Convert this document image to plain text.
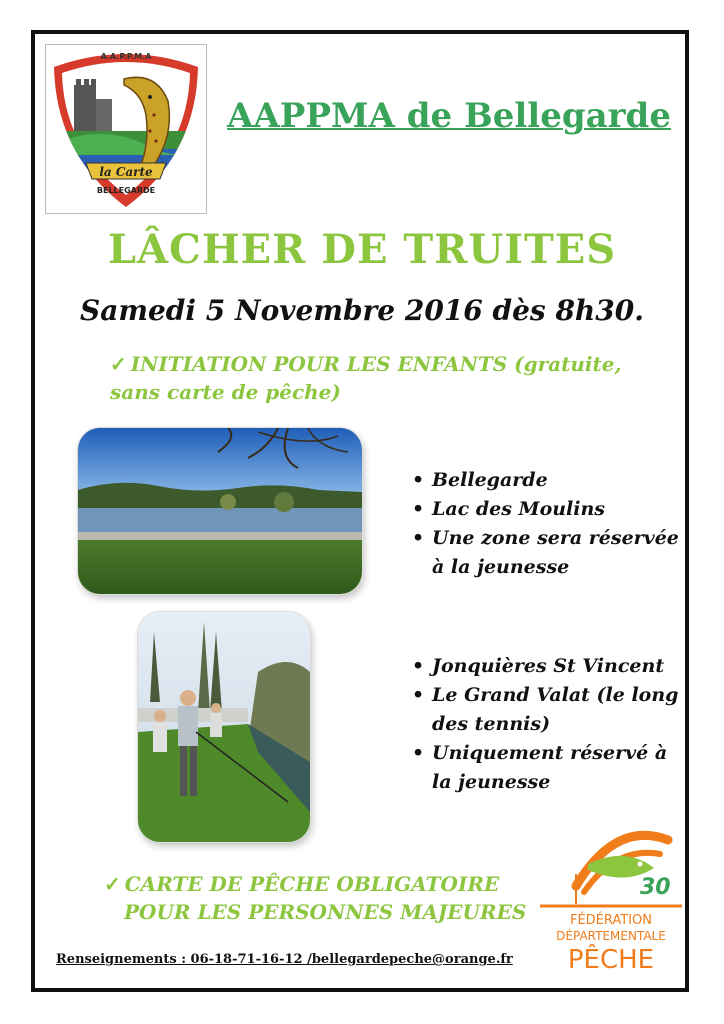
la Carte
BELLEGARDE
A.A.P.P.M.A
AAPPMA de Bellegarde
LÂCHER DE TRUITES
Samedi 5 Novembre 2016 dès 8h30.
✓ INITIATION POUR LES ENFANTS (gratuite, sans carte de pêche)
• Bellegarde
• Lac des Moulins
• Une zone sera réservée à la jeunesse
• Jonquières St Vincent
• Le Grand Valat (le long des tennis)
• Uniquement réservé à la jeunesse
✓ CARTE DE PÊCHE OBLIGATOIRE
POUR LES PERSONNES MAJEURES
30
FÉDÉRATION
DÉPARTEMENTALE
PÊCHE
Renseignements : 06-18-71-16-12 /bellegardepeche@orange.fr
